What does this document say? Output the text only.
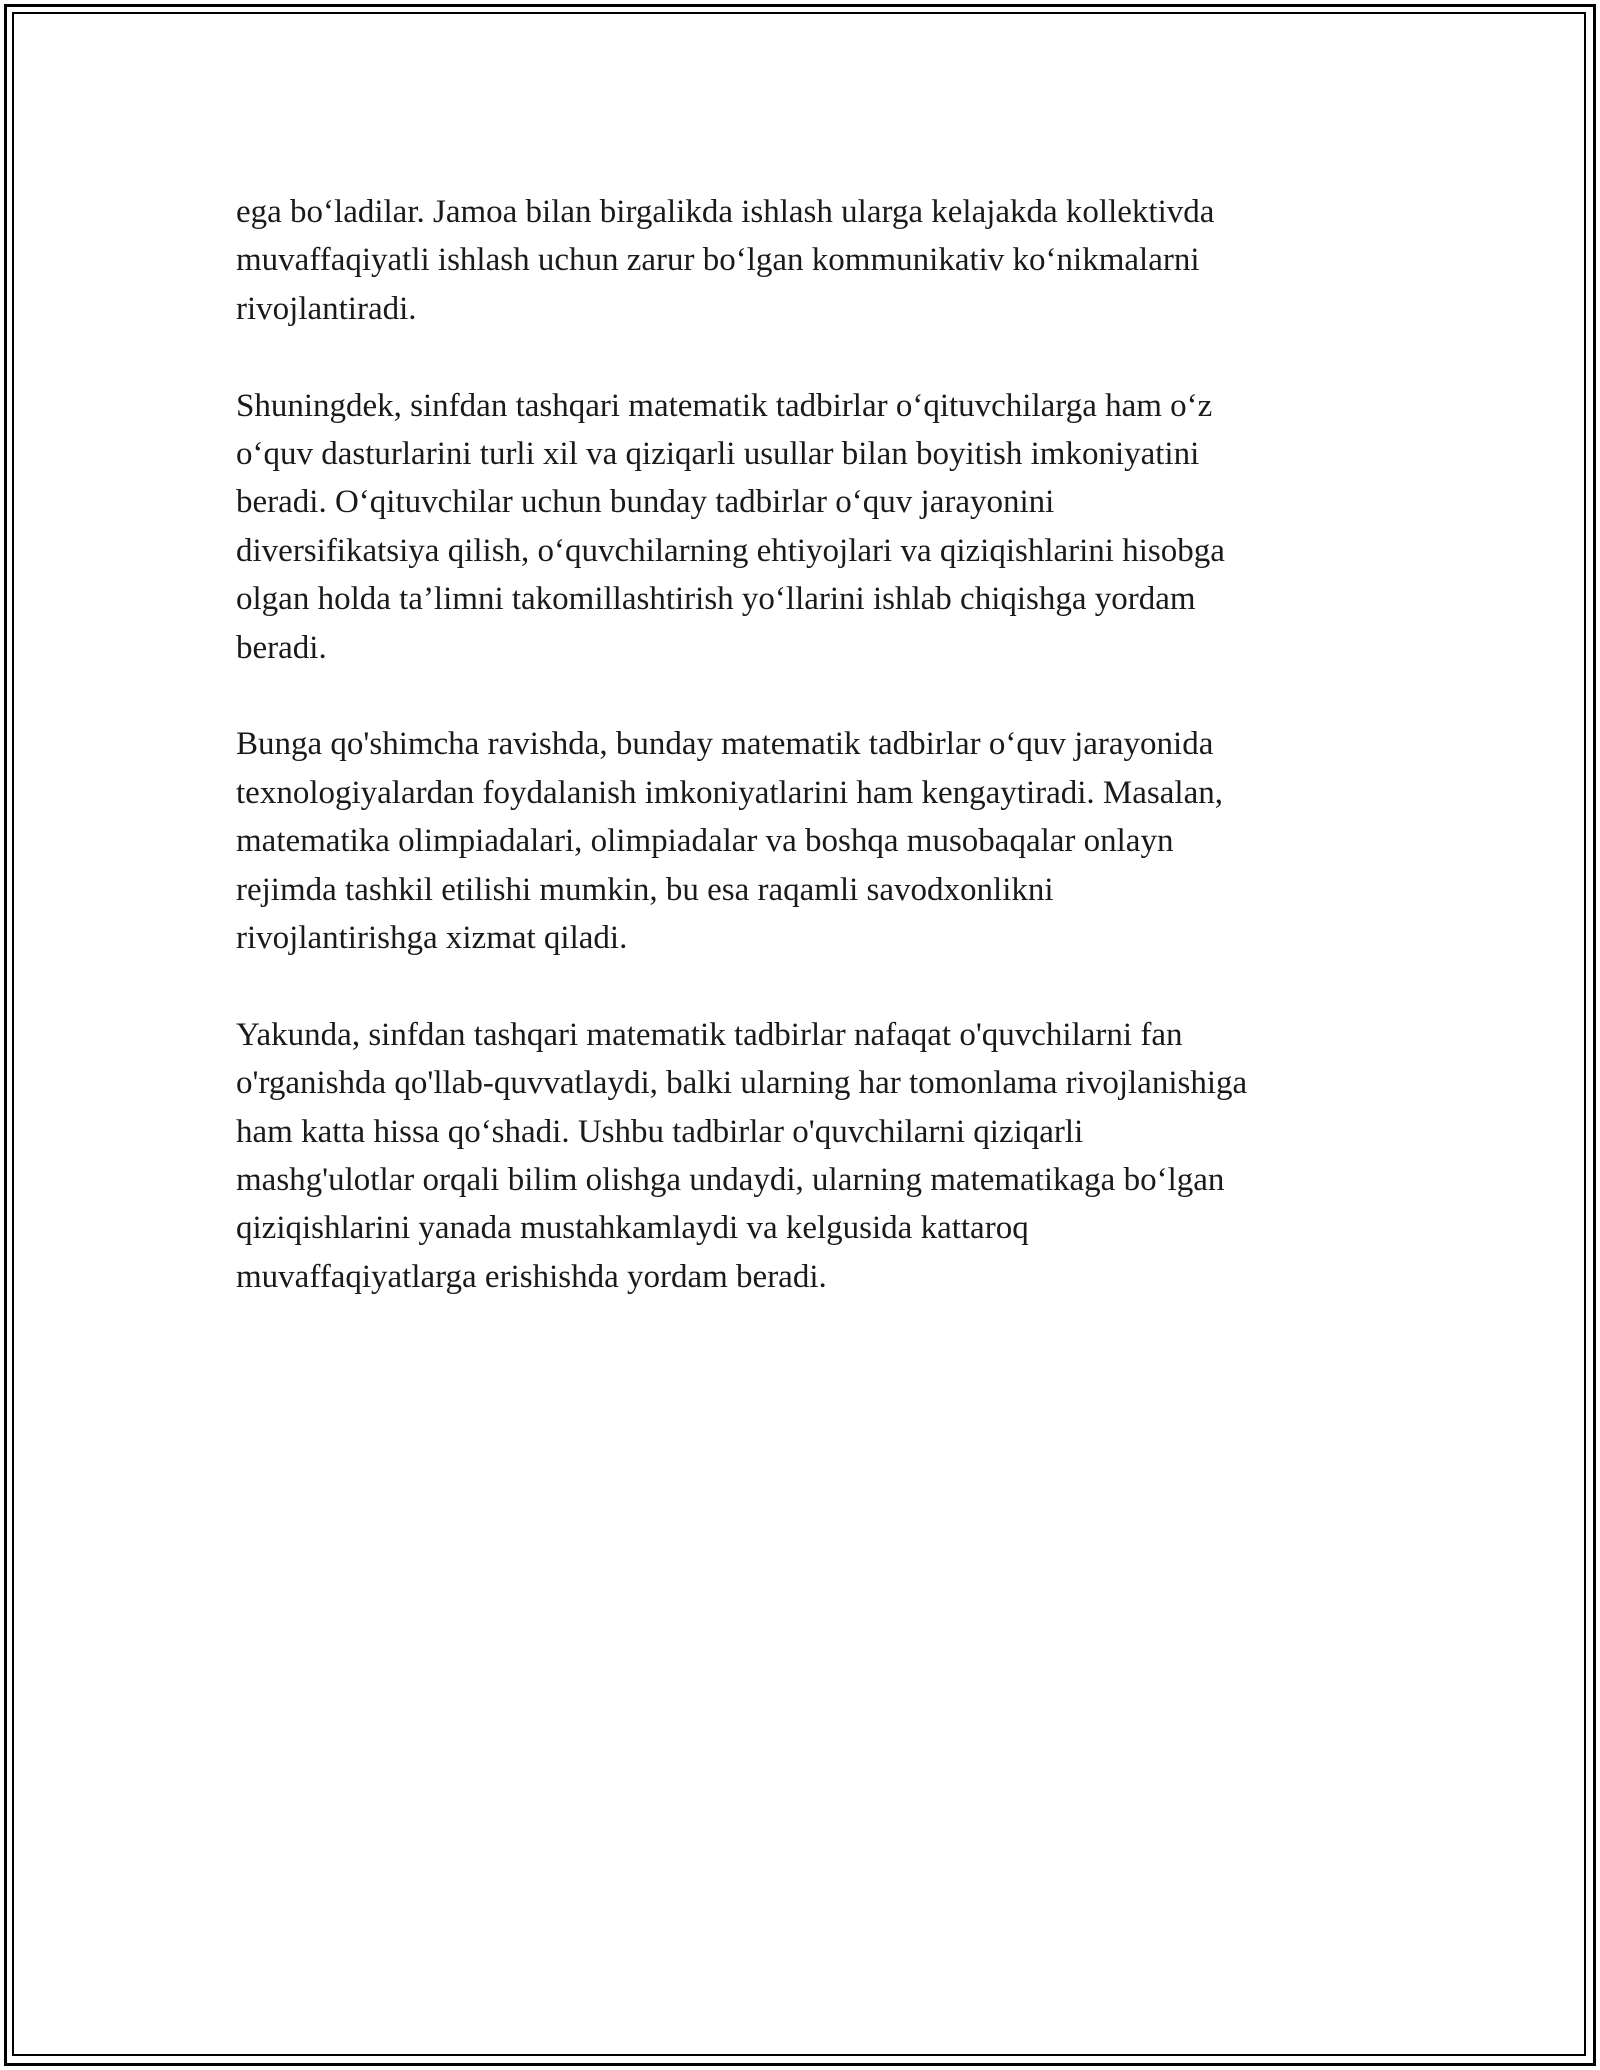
ega bo‘ladilar. Jamoa bilan birgalikda ishlash ularga kelajakda kollektivda
muvaffaqiyatli ishlash uchun zarur bo‘lgan kommunikativ ko‘nikmalarni
rivojlantiradi.

Shuningdek, sinfdan tashqari matematik tadbirlar o‘qituvchilarga ham o‘z
o‘quv dasturlarini turli xil va qiziqarli usullar bilan boyitish imkoniyatini
beradi. O‘qituvchilar uchun bunday tadbirlar o‘quv jarayonini
diversifikatsiya qilish, o‘quvchilarning ehtiyojlari va qiziqishlarini hisobga
olgan holda ta’limni takomillashtirish yo‘llarini ishlab chiqishga yordam
beradi.

Bunga qo'shimcha ravishda, bunday matematik tadbirlar o‘quv jarayonida
texnologiyalardan foydalanish imkoniyatlarini ham kengaytiradi. Masalan,
matematika olimpiadalari, olimpiadalar va boshqa musobaqalar onlayn
rejimda tashkil etilishi mumkin, bu esa raqamli savodxonlikni
rivojlantirishga xizmat qiladi.

Yakunda, sinfdan tashqari matematik tadbirlar nafaqat o'quvchilarni fan
o'rganishda qo'llab-quvvatlaydi, balki ularning har tomonlama rivojlanishiga
ham katta hissa qo‘shadi. Ushbu tadbirlar o'quvchilarni qiziqarli
mashg'ulotlar orqali bilim olishga undaydi, ularning matematikaga bo‘lgan
qiziqishlarini yanada mustahkamlaydi va kelgusida kattaroq
muvaffaqiyatlarga erishishda yordam beradi.
